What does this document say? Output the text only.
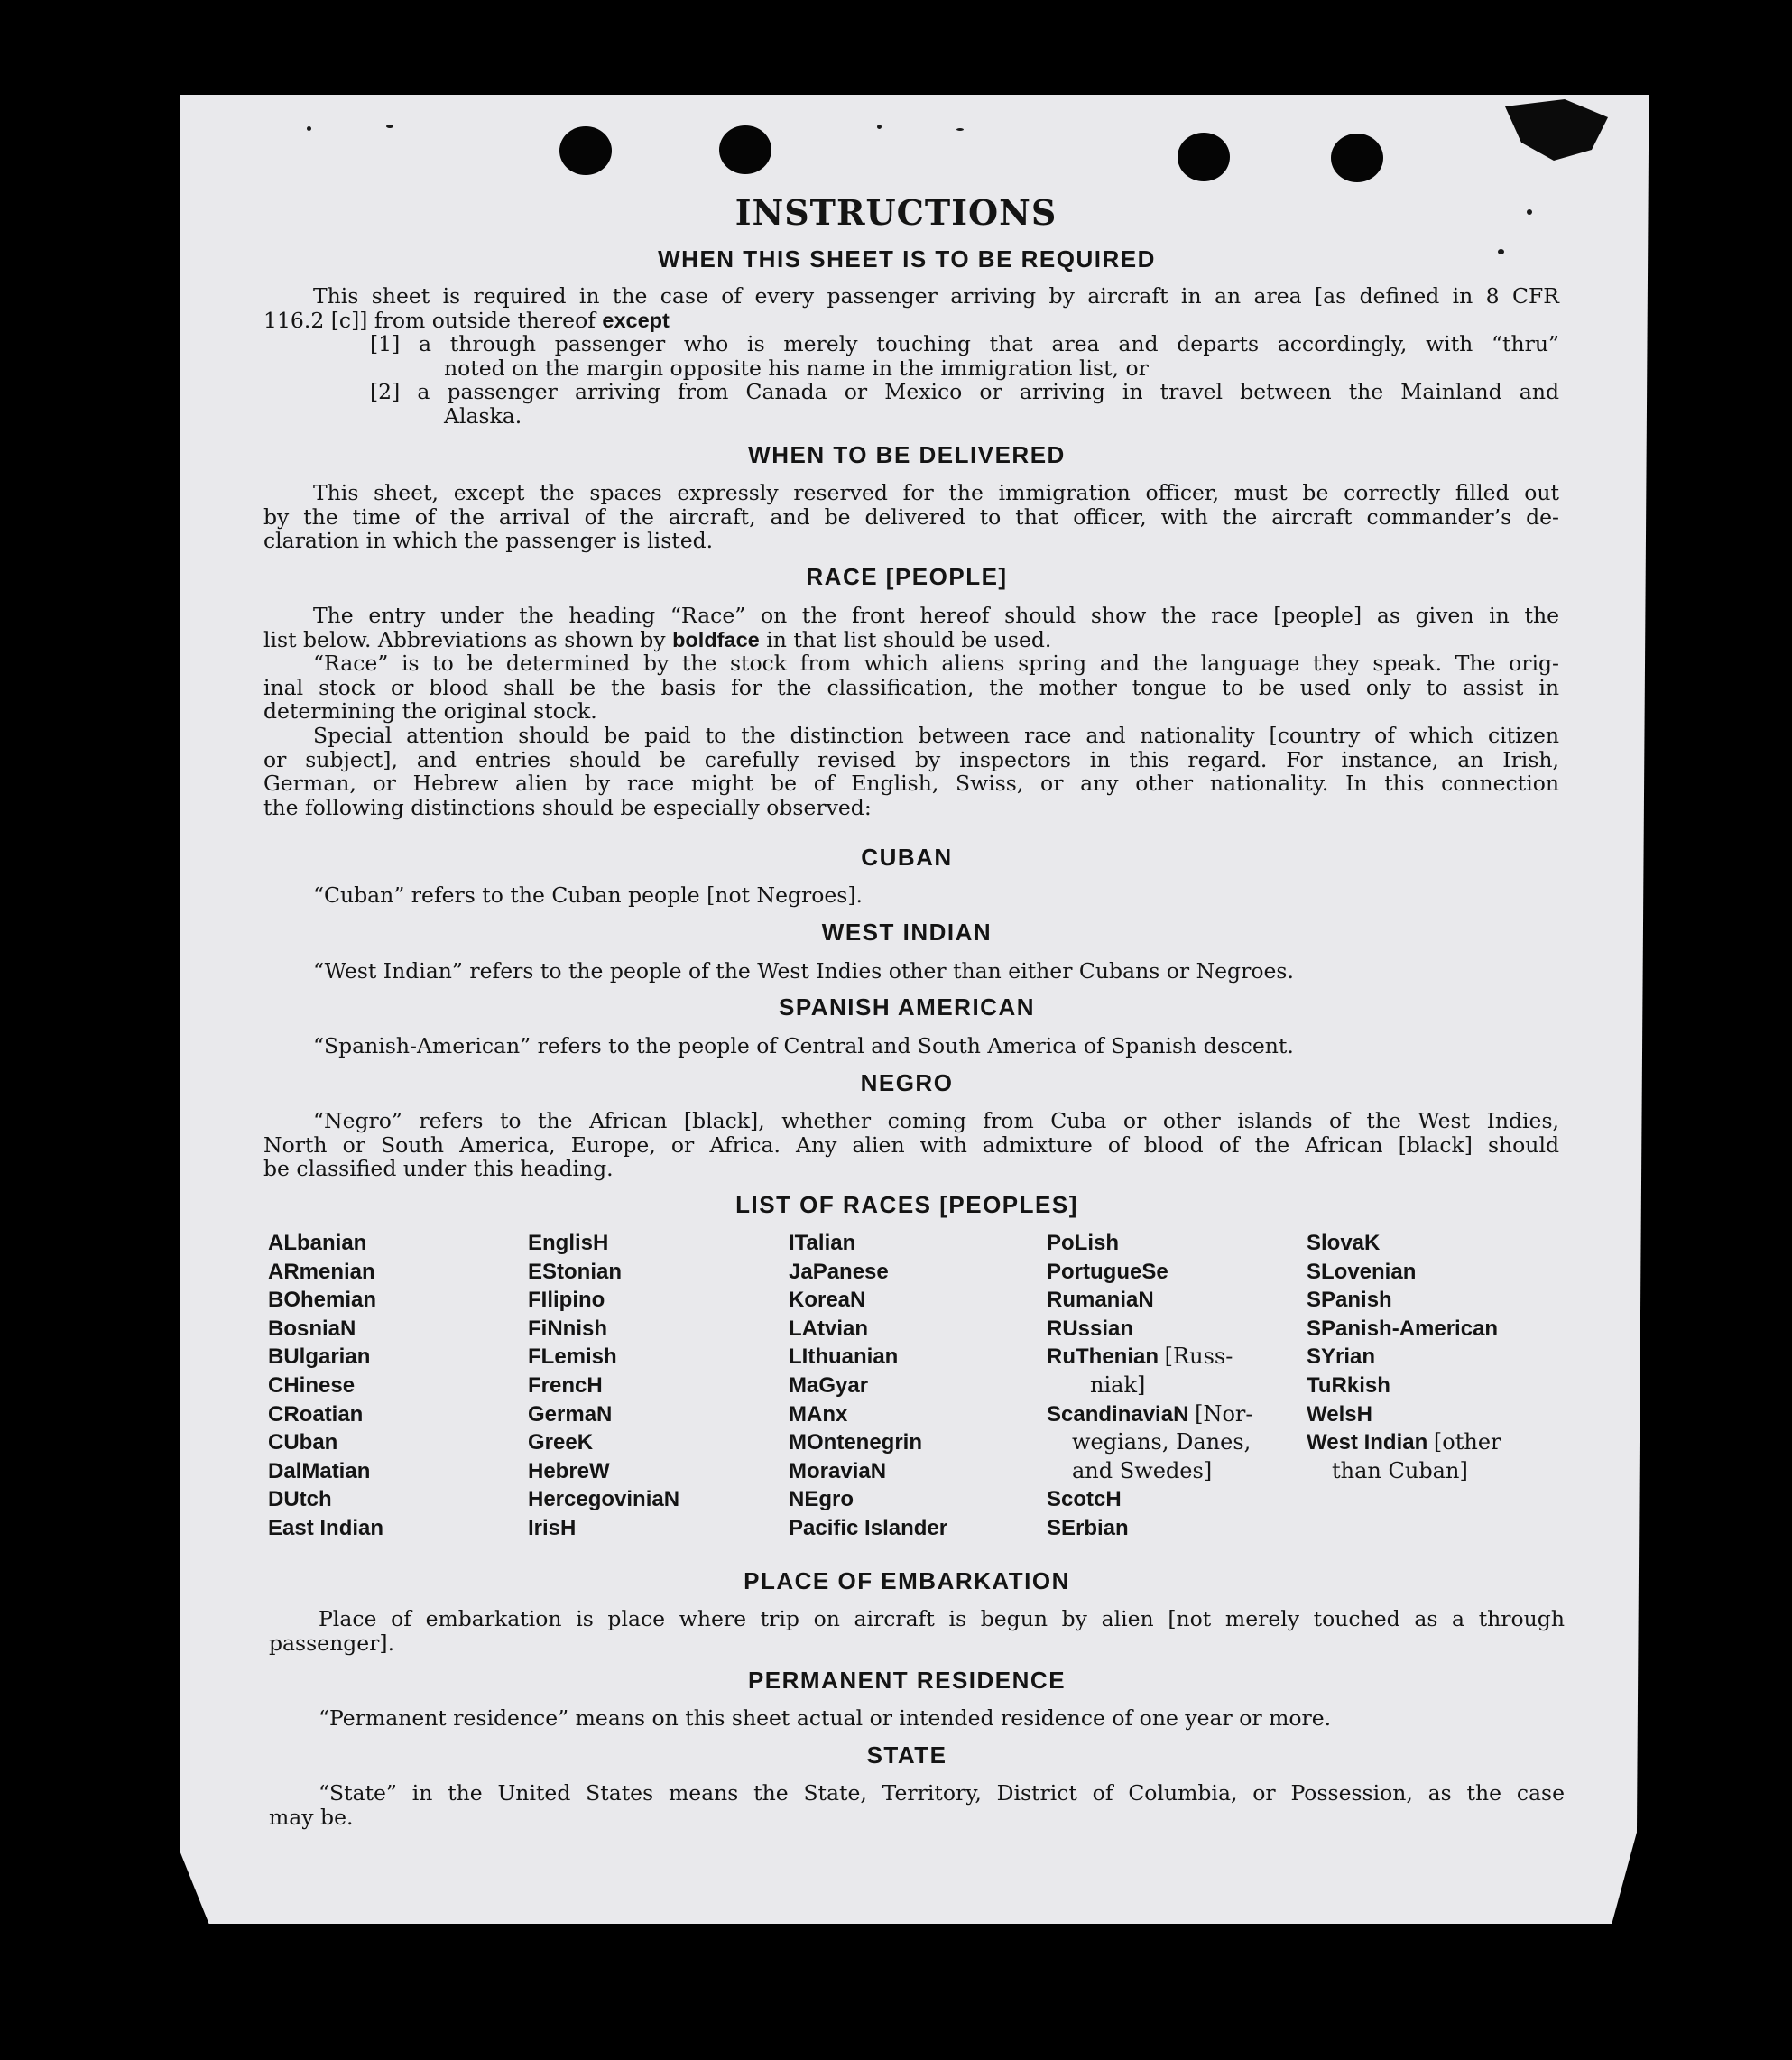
INSTRUCTIONS
WHEN THIS SHEET IS TO BE REQUIRED
This sheet is required in the case of every passenger arriving by aircraft in an area [as defined in 8 CFR
116.2 [c]] from outside thereof except
[1] a through passenger who is merely touching that area and departs accordingly, with “thru”
noted on the margin opposite his name in the immigration list, or
[2] a passenger arriving from Canada or Mexico or arriving in travel between the Mainland and
Alaska.
WHEN TO BE DELIVERED
This sheet, except the spaces expressly reserved for the immigration officer, must be correctly filled out
by the time of the arrival of the aircraft, and be delivered to that officer, with the aircraft commander’s de-
claration in which the passenger is listed.
RACE [PEOPLE]
The entry under the heading “Race” on the front hereof should show the race [people] as given in the
list below. Abbreviations as shown by boldface in that list should be used.
“Race” is to be determined by the stock from which aliens spring and the language they speak. The orig-
inal stock or blood shall be the basis for the classification, the mother tongue to be used only to assist in
determining the original stock.
Special attention should be paid to the distinction between race and nationality [country of which citizen
or subject], and entries should be carefully revised by inspectors in this regard. For instance, an Irish,
German, or Hebrew alien by race might be of English, Swiss, or any other nationality. In this connection
the following distinctions should be especially observed:
CUBAN
“Cuban” refers to the Cuban people [not Negroes].
WEST INDIAN
“West Indian” refers to the people of the West Indies other than either Cubans or Negroes.
SPANISH AMERICAN
“Spanish-American” refers to the people of Central and South America of Spanish descent.
NEGRO
“Negro” refers to the African [black], whether coming from Cuba or other islands of the West Indies,
North or South America, Europe, or Africa. Any alien with admixture of blood of the African [black] should
be classified under this heading.
LIST OF RACES [PEOPLES]
ALbanian
ARmenian
BOhemian
BosniaN
BUlgarian
CHinese
CRoatian
CUban
DalMatian
DUtch
East Indian
EnglisH
EStonian
FIlipino
FiNnish
FLemish
FrencH
GermaN
GreeK
HebreW
HercegoviniaN
IrisH
ITalian
JaPanese
KoreaN
LAtvian
LIthuanian
MaGyar
MAnx
MOntenegrin
MoraviaN
NEgro
Pacific Islander
PoLish
PortugueSe
RumaniaN
RUssian
RuThenian [Russ-
niak]
ScandinaviaN [Nor-
wegians, Danes,
and Swedes]
ScotcH
SErbian
SlovaK
SLovenian
SPanish
SPanish-American
SYrian
TuRkish
WelsH
West Indian [other
than Cuban]
PLACE OF EMBARKATION
Place of embarkation is place where trip on aircraft is begun by alien [not merely touched as a through
passenger].
PERMANENT RESIDENCE
“Permanent residence” means on this sheet actual or intended residence of one year or more.
STATE
“State” in the United States means the State, Territory, District of Columbia, or Possession, as the case
may be.
